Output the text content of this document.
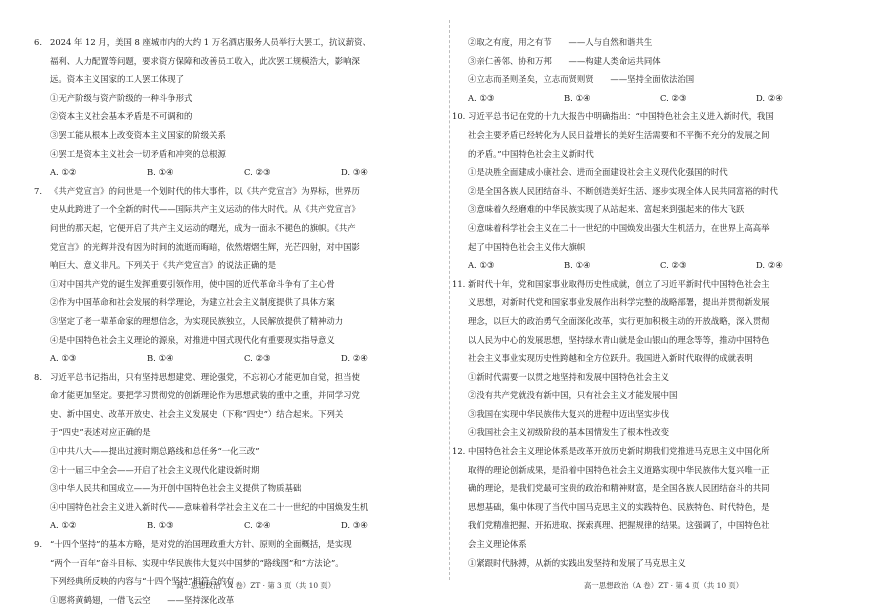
6. 2024 年 12 月，美国 8 座城市内的大约 1 万名酒店服务人员举行大罢工，抗议薪资、
福利、人力配置等问题，要求资方保障和改善员工收入，此次罢工规模浩大，影响深
远。资本主义国家的工人罢工体现了
①无产阶级与资产阶级的一种斗争形式
②资本主义社会基本矛盾是不可调和的
③罢工能从根本上改变资本主义国家的阶级关系
④罢工是资本主义社会一切矛盾和冲突的总根源
A. ①②	B. ①④	C. ②③	D. ③④
7. 《共产党宣言》的问世是一个划时代的伟大事件，以《共产党宣言》为界标，世界历
史从此跨进了一个全新的时代——国际共产主义运动的伟大时代。从《共产党宣言》
问世的那天起，它便开启了共产主义运动的曙光，成为一面永不褪色的旗帜。《共产
党宣言》的光辉并没有因为时间的流逝而晦暗，依然熠熠生辉，光芒四射，对中国影
响巨大、意义非凡。下列关于《共产党宣言》的说法正确的是
①对中国共产党的诞生发挥重要引领作用，使中国的近代革命斗争有了主心骨
②作为中国革命和社会发展的科学理论，为建立社会主义制度提供了具体方案
③坚定了老一辈革命家的理想信念，为实现民族独立，人民解放提供了精神动力
④是中国特色社会主义理论的源泉，对推进中国式现代化有重要现实指导意义
A. ①③	B. ①④	C. ②③	D. ②④
8. 习近平总书记指出，只有坚持思想建党、理论强党，不忘初心才能更加自觉，担当使
命才能更加坚定。要把学习贯彻党的创新理论作为思想武装的重中之重，并同学习党
史、新中国史、改革开放史、社会主义发展史（下称“四史”）结合起来。下列关
于“四史”表述对应正确的是
①中共八大——提出过渡时期总路线和总任务“一化三改”
②十一届三中全会——开启了社会主义现代化建设新时期
③中华人民共和国成立——为开创中国特色社会主义提供了物质基础
④中国特色社会主义进入新时代——意味着科学社会主义在二十一世纪的中国焕发生机
A. ①②	B. ①③	C. ②④	D. ③④
9. “十四个坚持”的基本方略，是对党的治国理政重大方针、原则的全面概括，是实现
“两个一百年”奋斗目标、实现中华民族伟大复兴中国梦的“路线图”和“方法论”。
下列经典所反映的内容与“十四个坚持”相符合的有
①愿将黄鹤翅，一借飞云空　　——坚持深化改革
②取之有度，用之有节　　——人与自然和谐共生
③亲仁善邻、协和万邦　　——构建人类命运共同体
④立志而圣则圣矣，立志而贤则贤　　——坚持全面依法治国
A. ①③	B. ①④	C. ②③	D. ②④
10. 习近平总书记在党的十九大报告中明确指出：“中国特色社会主义进入新时代，我国
社会主要矛盾已经转化为人民日益增长的美好生活需要和不平衡不充分的发展之间
的矛盾。”中国特色社会主义新时代
①是决胜全面建成小康社会、进而全面建设社会主义现代化强国的时代
②是全国各族人民团结奋斗、不断创造美好生活、逐步实现全体人民共同富裕的时代
③意味着久经磨难的中华民族实现了从站起来、富起来到强起来的伟大飞跃
④意味着科学社会主义在二十一世纪的中国焕发出强大生机活力，在世界上高高举
起了中国特色社会主义伟大旗帜
A. ①③	B. ①④	C. ②③	D. ②④
11. 新时代十年，党和国家事业取得历史性成就，创立了习近平新时代中国特色社会主
义思想，对新时代党和国家事业发展作出科学完整的战略部署，提出并贯彻新发展
理念，以巨大的政治勇气全面深化改革，实行更加积极主动的开放战略，深入贯彻
以人民为中心的发展思想，坚持绿水青山就是金山银山的理念等等，推动中国特色
社会主义事业实现历史性跨越和全方位跃升。我国进入新时代取得的成就表明
①新时代需要一以贯之地坚持和发展中国特色社会主义
②没有共产党就没有新中国，只有社会主义才能发展中国
③我国在实现中华民族伟大复兴的进程中迈出坚实步伐
④我国社会主义初级阶段的基本国情发生了根本性改变
12. 中国特色社会主义理论体系是改革开放历史新时期我们党推进马克思主义中国化所
取得的理论创新成果，是沿着中国特色社会主义道路实现中华民族伟大复兴唯一正
确的理论，是我们党最可宝贵的政治和精神财富，是全国各族人民团结奋斗的共同
思想基础，集中体现了当代中国马克思主义的实践特色、民族特色、时代特色，是
我们党精准把握、开拓进取、探索真理、把握规律的结果。这强调了，中国特色社
会主义理论体系
①紧跟时代脉搏，从新的实践出发坚持和发展了马克思主义
高一思想政治（A 卷）ZT · 第 3 页（共 10 页）	高一思想政治（A 卷）ZT · 第 4 页（共 10 页）
